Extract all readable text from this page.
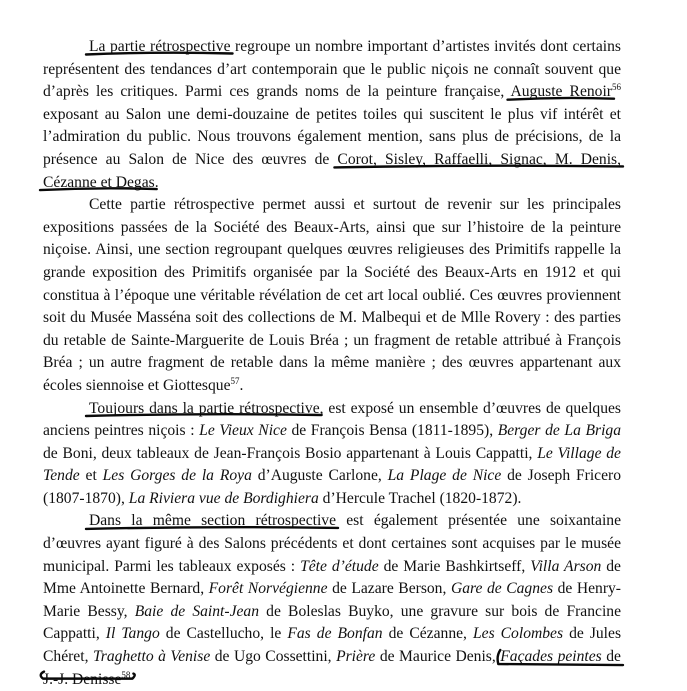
La partie rétrospective regroupe un nombre important d’artistes invités dont certains représentent des tendances d’art contemporain que le public niçois ne connaît souvent que d’après les critiques. Parmi ces grands noms de la peinture française, Auguste Renoir$^{56}$ exposant au Salon une demi-douzaine de petites toiles qui suscitent le plus vif intérêt et l’admiration du public. Nous trouvons également mention, sans plus de précisions, de la présence au Salon de Nice des œuvres de Corot, Sisley, Raffaelli, Signac, M. Denis, Cézanne et Degas.

Cette partie rétrospective permet aussi et surtout de revenir sur les principales expositions passées de la Société des Beaux-Arts, ainsi que sur l’histoire de la peinture niçoise. Ainsi, une section regroupant quelques œuvres religieuses des Primitifs rappelle la grande exposition des Primitifs organisée par la Société des Beaux-Arts en 1912 et qui constitua à l’époque une véritable révélation de cet art local oublié. Ces œuvres proviennent soit du Musée Masséna soit des collections de M. Malbequi et de Mlle Rovery : des parties du retable de Sainte-Marguerite de Louis Bréa ; un fragment de retable attribué à François Bréa ; un autre fragment de retable dans la même manière ; des œuvres appartenant aux écoles siennoise et Giottesque$^{57}$.

Toujours dans la partie rétrospective, est exposé un ensemble d’œuvres de quelques anciens peintres niçois : Le Vieux Nice de François Bensa (1811-1895), Berger de La Briga de Boni, deux tableaux de Jean-François Bosio appartenant à Louis Cappatti, Le Village de Tende et Les Gorges de la Roya d’Auguste Carlone, La Plage de Nice de Joseph Fricero (1807-1870), La Riviera vue de Bordighiera d’Hercule Trachel (1820-1872).

Dans la même section rétrospective est également présentée une soixantaine d’œuvres ayant figuré à des Salons précédents et dont certaines sont acquises par le musée municipal. Parmi les tableaux exposés : Tête d’étude de Marie Bashkirtseff, Villa Arson de Mme Antoinette Bernard, Forêt Norvégienne de Lazare Berson, Gare de Cagnes de Henry-Marie Bessy, Baie de Saint-Jean de Boleslas Buyko, une gravure sur bois de Francine Cappatti, Il Tango de Castellucho, le Fas de Bonfan de Cézanne, Les Colombes de Jules Chéret, Traghetto à Venise de Ugo Cossettini, Prière de Maurice Denis, Façades peintes de J.-J. Denisse$^{58}$
